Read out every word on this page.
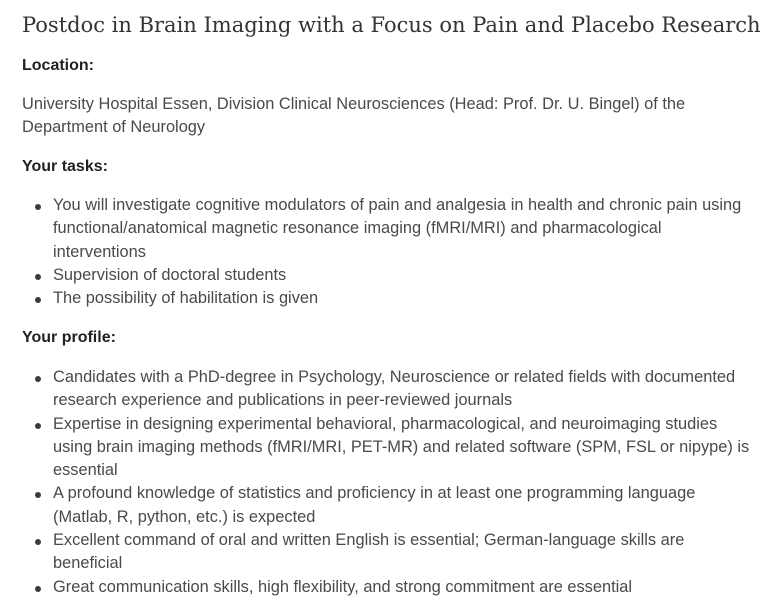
Postdoc in Brain Imaging with a Focus on Pain and Placebo Research
Location:

University Hospital Essen, Division Clinical Neurosciences (Head: Prof. Dr. U. Bingel) of the Department of Neurology

Your tasks:
You will investigate cognitive modulators of pain and analgesia in health and chronic pain using functional/anatomical magnetic resonance imaging (fMRI/MRI) and pharmacological interventions
Supervision of doctoral students
The possibility of habilitation is given
Your profile:
Candidates with a PhD-degree in Psychology, Neuroscience or related fields with documented research experience and publications in peer-reviewed journals
Expertise in designing experimental behavioral, pharmacological, and neuroimaging studies using brain imaging methods (fMRI/MRI, PET-MR) and related software (SPM, FSL or nipype) is essential
A profound knowledge of statistics and proficiency in at least one programming language (Matlab, R, python, etc.) is expected
Excellent command of oral and written English is essential; German-language skills are beneficial
Great communication skills, high flexibility, and strong commitment are essential
